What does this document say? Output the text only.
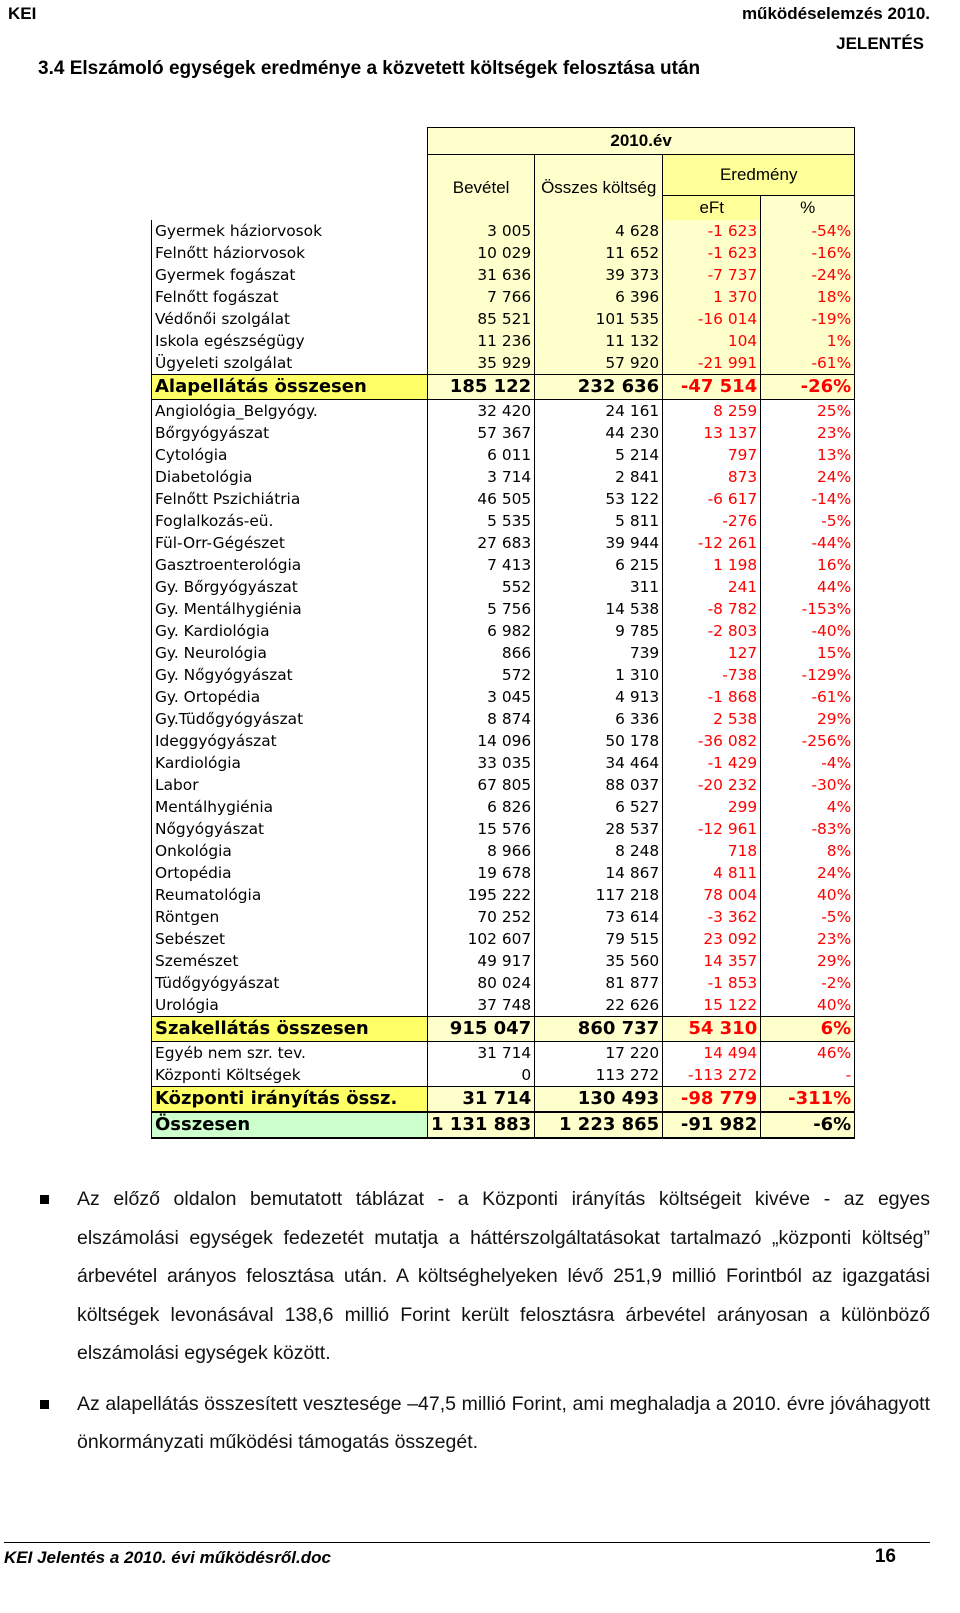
KEI	működéselemzés 2010.
JELENTÉS
3.4 Elszámoló egységek eredménye a közvetett költségek felosztása után
	2010.év			
	Bevétel	Összes költség	Eredmény	
			eFt	%
Gyermek háziorvosok	3 005	4 628	-1 623	-54%
Felnőtt háziorvosok	10 029	11 652	-1 623	-16%
Gyermek fogászat	31 636	39 373	-7 737	-24%
Felnőtt fogászat	7 766	6 396	1 370	18%
Védőnői szolgálat	85 521	101 535	-16 014	-19%
Iskola egészségügy	11 236	11 132	104	1%
Ügyeleti szolgálat	35 929	57 920	-21 991	-61%
Alapellátás összesen	185 122	232 636	-47 514	-26%
Angiológia_Belgyógy.	32 420	24 161	8 259	25%
Bőrgyógyászat	57 367	44 230	13 137	23%
Cytológia	6 011	5 214	797	13%
Diabetológia	3 714	2 841	873	24%
Felnőtt Pszichiátria	46 505	53 122	-6 617	-14%
Foglalkozás-eü.	5 535	5 811	-276	-5%
Fül-Orr-Gégészet	27 683	39 944	-12 261	-44%
Gasztroenterológia	7 413	6 215	1 198	16%
Gy. Bőrgyógyászat	552	311	241	44%
Gy. Mentálhygiénia	5 756	14 538	-8 782	-153%
Gy. Kardiológia	6 982	9 785	-2 803	-40%
Gy. Neurológia	866	739	127	15%
Gy. Nőgyógyászat	572	1 310	-738	-129%
Gy. Ortopédia	3 045	4 913	-1 868	-61%
Gy.Tüdőgyógyászat	8 874	6 336	2 538	29%
Ideggyógyászat	14 096	50 178	-36 082	-256%
Kardiológia	33 035	34 464	-1 429	-4%
Labor	67 805	88 037	-20 232	-30%
Mentálhygiénia	6 826	6 527	299	4%
Nőgyógyászat	15 576	28 537	-12 961	-83%
Onkológia	8 966	8 248	718	8%
Ortopédia	19 678	14 867	4 811	24%
Reumatológia	195 222	117 218	78 004	40%
Röntgen	70 252	73 614	-3 362	-5%
Sebészet	102 607	79 515	23 092	23%
Szemészet	49 917	35 560	14 357	29%
Tüdőgyógyászat	80 024	81 877	-1 853	-2%
Urológia	37 748	22 626	15 122	40%
Szakellátás összesen	915 047	860 737	54 310	6%
Egyéb nem szr. tev.	31 714	17 220	14 494	46%
Központi Költségek	0	113 272	-113 272	-
Központi irányítás össz.	31 714	130 493	-98 779	-311%
Összesen	1 131 883	1 223 865	-91 982	-6%
Az előző oldalon bemutatott táblázat - a Központi irányítás költségeit kivéve - az egyes elszámolási egységek fedezetét mutatja a háttérszolgáltatásokat tartalmazó „központi költség” árbevétel arányos felosztása után. A költséghelyeken lévő 251,9 millió Forintból az igazgatási költségek levonásával 138,6 millió Forint került felosztásra árbevétel arányosan a különböző elszámolási egységek között.
Az alapellátás összesített vesztesége –47,5 millió Forint, ami meghaladja a 2010. évre jóváhagyott önkormányzati működési támogatás összegét.
KEI Jelentés a 2010. évi működésről.doc	16
